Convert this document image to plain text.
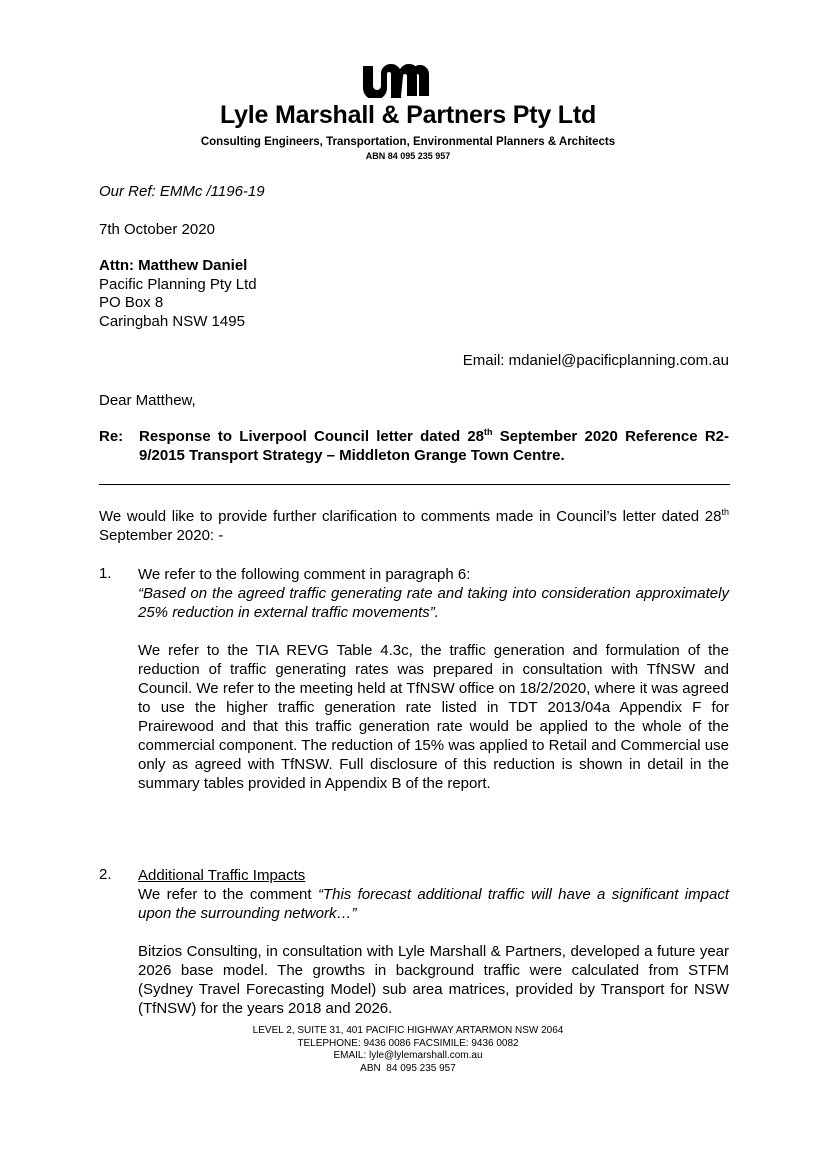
Lyle Marshall & Partners Pty Ltd
Consulting Engineers, Transportation, Environmental Planners & Architects
ABN 84 095 235 957
Our Ref: EMMc /1196-19
7th October 2020
Attn: Matthew Daniel
Pacific Planning Pty Ltd
PO Box 8
Caringbah NSW 1495
Email: mdaniel@pacificplanning.com.au
Dear Matthew,
Re: Response to Liverpool Council letter dated 28th September 2020 Reference R2-9/2015 Transport Strategy – Middleton Grange Town Centre.
We would like to provide further clarification to comments made in Council’s letter dated 28th September 2020: -
1. We refer to the following comment in paragraph 6:

“Based on the agreed traffic generating rate and taking into consideration approximately 25% reduction in external traffic movements”.

We refer to the TIA REVG Table 4.3c, the traffic generation and formulation of the reduction of traffic generating rates was prepared in consultation with TfNSW and Council. We refer to the meeting held at TfNSW office on 18/2/2020, where it was agreed to use the higher traffic generation rate listed in TDT 2013/04a Appendix F for Prairewood and that this traffic generation rate would be applied to the whole of the commercial component. The reduction of 15% was applied to Retail and Commercial use only as agreed with TfNSW. Full disclosure of this reduction is shown in detail in the summary tables provided in Appendix B of the report.
2. Additional Traffic Impacts

We refer to the comment “This forecast additional traffic will have a significant impact upon the surrounding network…”

Bitzios Consulting, in consultation with Lyle Marshall & Partners, developed a future year 2026 base model. The growths in background traffic were calculated from STFM (Sydney Travel Forecasting Model) sub area matrices, provided by Transport for NSW (TfNSW) for the years 2018 and 2026.
LEVEL 2, SUITE 31, 401 PACIFIC HIGHWAY ARTARMON NSW 2064
TELEPHONE: 9436 0086 FACSIMILE: 9436 0082
EMAIL: lyle@lylemarshall.com.au
ABN  84 095 235 957
